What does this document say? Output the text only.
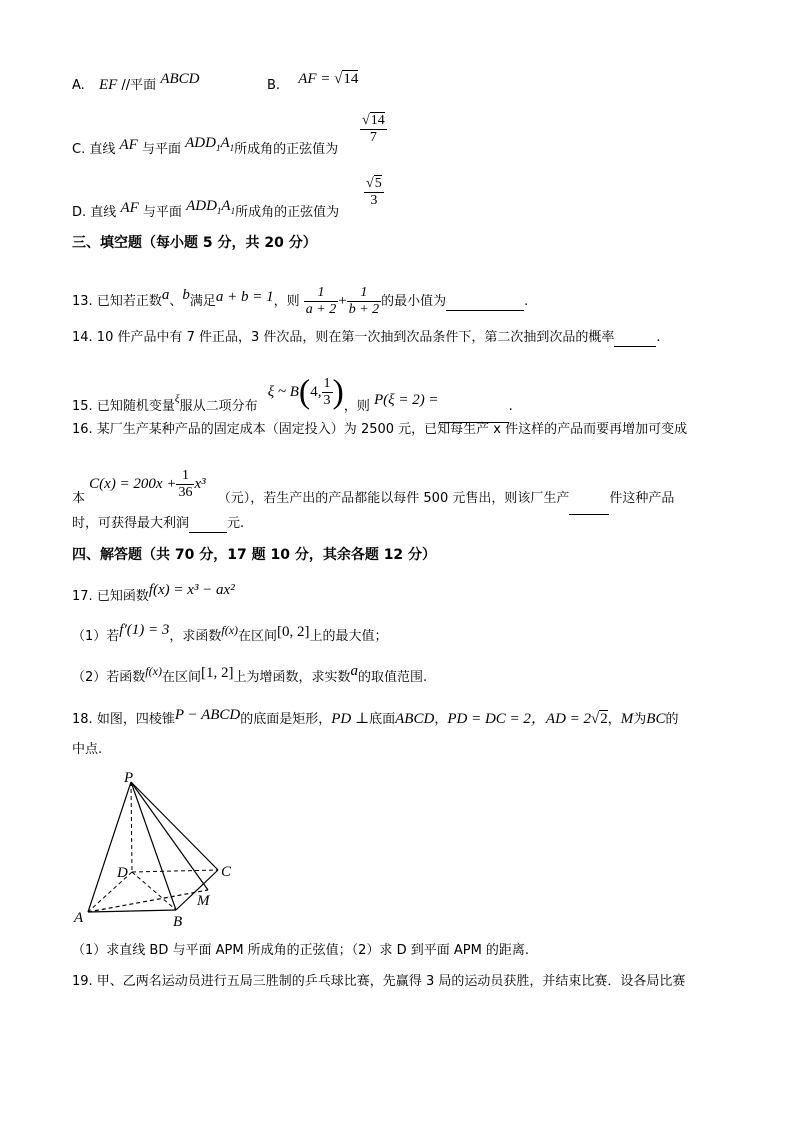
A. EF //平面 ABCD	B. AF = √14
C. 直线 AF 与平面 $ADD_1A_1$所成角的正弦值为
$\frac{√14}{7}$
D. 直线 AF 与平面 $ADD_1A_1$所成角的正弦值为
$\frac{√5}{3}$
三、填空题（每小题 5 分，共 20 分）
13. 已知若正数a、b满足a + b = 1，则 $\frac{1}{a + 2} + \frac{1}{b + 2}$ 的最小值为	.
14. 10 件产品中有 7 件正品，3 件次品，则在第一次抽到次品条件下，第二次抽到次品的概率	.
15. 已知随机变量$^\xi$服从二项分布 ξ ~ B(4, $\frac{1}{3}$ )，则 P(ξ = 2) =	.
16. 某厂生产某种产品的固定成本（固定投入）为 2500 元，已知每生产 x 件这样的产品而要再增加可变成
本 $C(x) = 200x + \frac{1}{36} x^3$ （元），若生产出的产品都能以每件 500 元售出，则该厂生产	件这种产品
时，可获得最大利润	元.
四、解答题（共 70 分，17 题 10 分，其余各题 12 分）
17. 已知函数f(x) = x³ − ax²
（1）若f′(1) = 3，求函数f(x)在区间[0, 2]上的最大值；
（2）若函数f(x)在区间[1, 2]上为增函数，求实数a的取值范围.
18. 如图，四棱锥P − ABCD的底面是矩形，PD ⊥底面ABCD，PD = DC = 2，AD = 2√2，M为BC的
中点.
P
D	C
M
A	B
（1）求直线 BD 与平面 APM 所成角的正弦值；（2）求 D 到平面 APM 的距离.
19. 甲、乙两名运动员进行五局三胜制的乒乓球比赛，先赢得 3 局的运动员获胜，并结束比赛．设各局比赛
